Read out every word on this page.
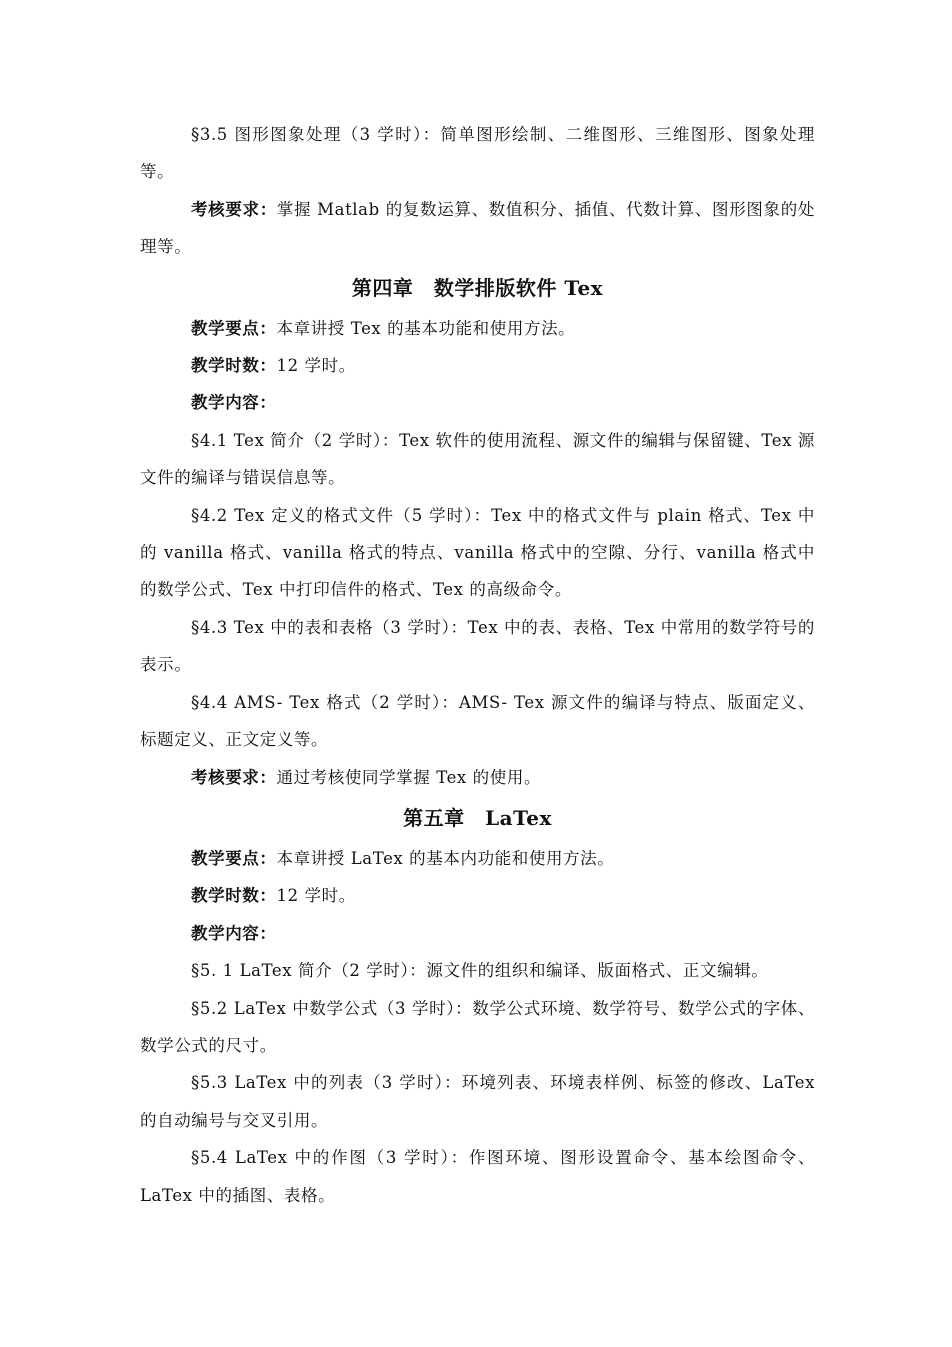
§3.5 图形图象处理（3 学时）：简单图形绘制、二维图形、三维图形、图象处理等。

考核要求：掌握 Matlab 的复数运算、数值积分、插值、代数计算、图形图象的处理等。

第四章　数学排版软件 Tex

教学要点：本章讲授 Tex 的基本功能和使用方法。

教学时数：12 学时。

教学内容：

§4.1 Tex 简介（2 学时）：Tex 软件的使用流程、源文件的编辑与保留键、Tex 源文件的编译与错误信息等。

§4.2 Tex 定义的格式文件（5 学时）：Tex 中的格式文件与 plain 格式、Tex 中的 vanilla 格式、vanilla 格式的特点、vanilla 格式中的空隙、分行、vanilla 格式中的数学公式、Tex 中打印信件的格式、Tex 的高级命令。

§4.3 Tex 中的表和表格（3 学时）：Tex 中的表、表格、Tex 中常用的数学符号的表示。

§4.4 AMS- Tex 格式（2 学时）：AMS- Tex 源文件的编译与特点、版面定义、标题定义、正文定义等。

考核要求：通过考核使同学掌握 Tex 的使用。

第五章　LaTex

教学要点：本章讲授 LaTex 的基本内功能和使用方法。

教学时数：12 学时。

教学内容：

§5. 1 LaTex 简介（2 学时）：源文件的组织和编译、版面格式、正文编辑。

§5.2 LaTex 中数学公式（3 学时）：数学公式环境、数学符号、数学公式的字体、数学公式的尺寸。

§5.3 LaTex 中的列表（3 学时）：环境列表、环境表样例、标签的修改、LaTex 的自动编号与交叉引用。

§5.4 LaTex 中的作图（3 学时）：作图环境、图形设置命令、基本绘图命令、LaTex 中的插图、表格。
